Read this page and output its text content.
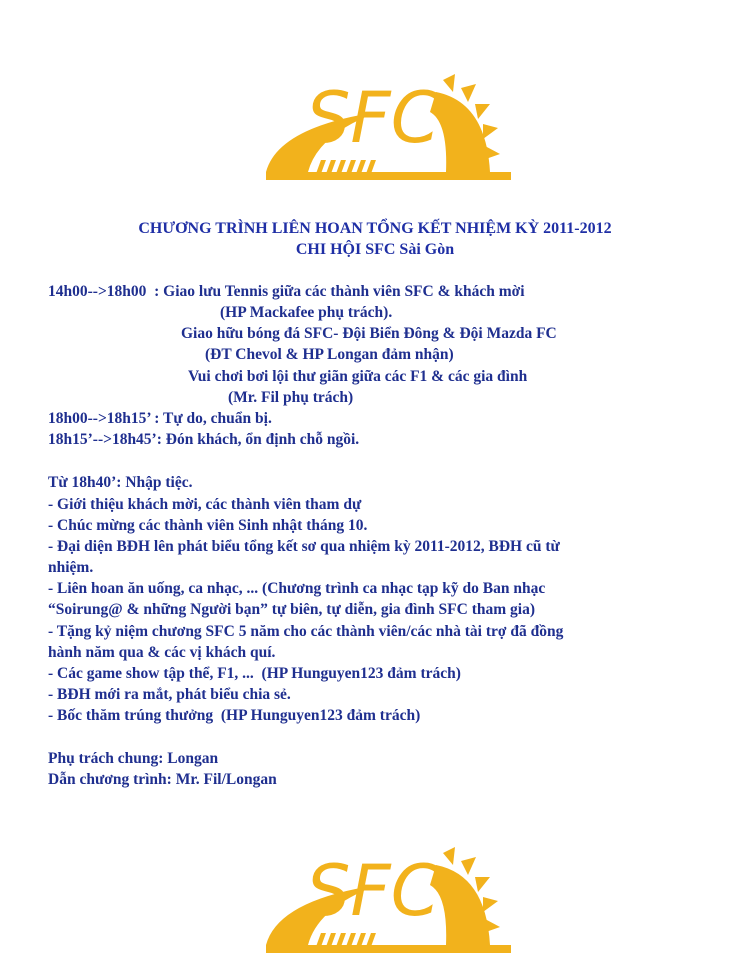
SFC
CHƯƠNG TRÌNH LIÊN HOAN TỔNG KẾT NHIỆM KỲ 2011-2012
CHI HỘI SFC Sài Gòn
14h00-->18h00  : Giao lưu Tennis giữa các thành viên SFC & khách mời
(HP Mackafee phụ trách).
Giao hữu bóng đá SFC- Đội Biển Đông & Đội Mazda FC
(ĐT Chevol & HP Longan đảm nhận)
Vui chơi bơi lội thư giãn giữa các F1 & các gia đình
(Mr. Fil phụ trách)
18h00-->18h15’ : Tự do, chuẩn bị.
18h15’-->18h45’: Đón khách, ổn định chỗ ngồi.
Từ 18h40’: Nhập tiệc.
- Giới thiệu khách mời, các thành viên tham dự
- Chúc mừng các thành viên Sinh nhật tháng 10.
- Đại diện BĐH lên phát biểu tổng kết sơ qua nhiệm kỳ 2011-2012, BĐH cũ từ
nhiệm.
- Liên hoan ăn uống, ca nhạc, ... (Chương trình ca nhạc tạp kỹ do Ban nhạc
“Soirung@ & những Người bạn” tự biên, tự diễn, gia đình SFC tham gia)
- Tặng kỷ niệm chương SFC 5 năm cho các thành viên/các nhà tài trợ đã đồng
hành năm qua & các vị khách quí.
- Các game show tập thể, F1, ...  (HP Hunguyen123 đảm trách)
- BĐH mới ra mắt, phát biểu chia sẻ.
- Bốc thăm trúng thưởng  (HP Hunguyen123 đảm trách)
Phụ trách chung: Longan
Dẫn chương trình: Mr. Fil/Longan
SFC
